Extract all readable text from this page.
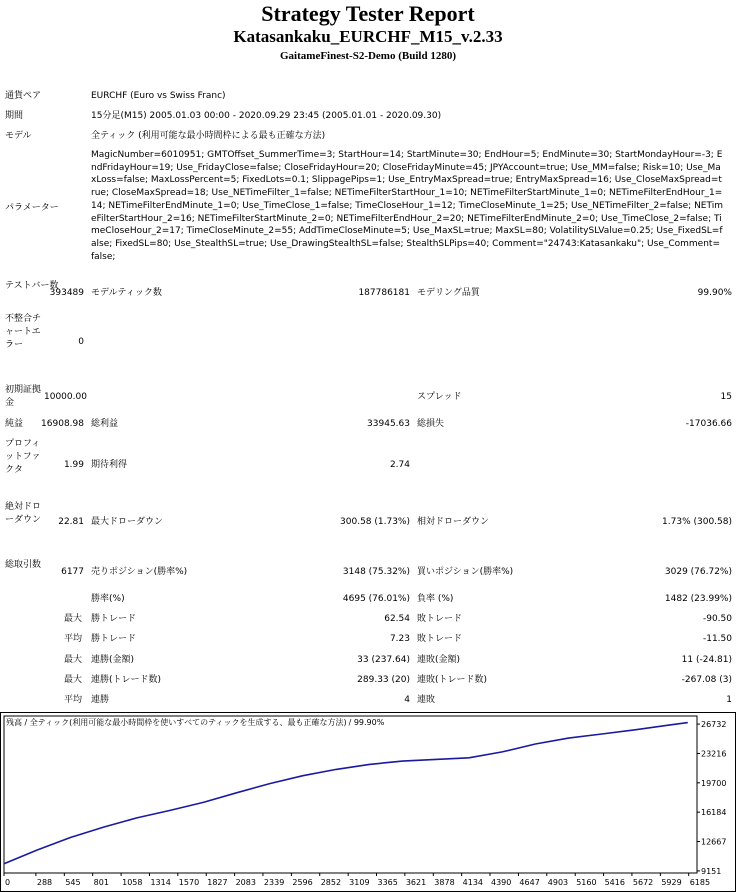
Strategy Tester Report
Katasankaku_EURCHF_M15_v.2.33
GaitameFinest-S2-Demo (Build 1280)
通貨ペア	EURCHF (Euro vs Swiss Franc)
期間	15分足(M15) 2005.01.03 00:00 - 2020.09.29 23:45 (2005.01.01 - 2020.09.30)
モデル	全ティック (利用可能な最小時間枠による最も正確な方法)
パラメーター
MagicNumber=6010951; GMTOffset_SummerTime=3; StartHour=14; StartMinute=30; EndHour=5; EndMinute=30; StartMondayHour=-3; EndFridayHour=19; Use_FridayClose=false; CloseFridayHour=20; CloseFridayMinute=45; JPYAccount=true; Use_MM=false; Risk=10; Use_MaxLoss=false; MaxLossPercent=5; FixedLots=0.1; SlippagePips=1; Use_EntryMaxSpread=true; EntryMaxSpread=16; Use_CloseMaxSpread=true; CloseMaxSpread=18; Use_NETimeFilter_1=false; NETimeFilterStartHour_1=10; NETimeFilterStartMinute_1=0; NETimeFilterEndHour_1=14; NETimeFilterEndMinute_1=0; Use_TimeClose_1=false; TimeCloseHour_1=12; TimeCloseMinute_1=25; Use_NETimeFilter_2=false; NETimeFilterStartHour_2=16; NETimeFilterStartMinute_2=0; NETimeFilterEndHour_2=20; NETimeFilterEndMinute_2=0; Use_TimeClose_2=false; TimeCloseHour_2=17; TimeCloseMinute_2=55; AddTimeCloseMinute=5; Use_MaxSL=true; MaxSL=80; VolatilitySLValue=0.25; Use_FixedSL=false; FixedSL=80; Use_StealthSL=true; Use_DrawingStealthSL=false; StealthSLPips=40; Comment="24743:Katasankaku"; Use_Comment=false;
テストバー数
393489 モデルティック数	187786181 モデリング品質	99.90%
不整合チャートエラー	0
初期証拠金
10000.00	スプレッド	15
純益	16908.98 総利益	33945.63 総損失	-17036.66
プロフィットファクタ	1.99 期待利得	2.74
絶対ドローダウン	22.81 最大ドローダウン	300.58 (1.73%) 相対ドローダウン	1.73% (300.58)
総取引数
6177 売りポジション(勝率%)	3148 (75.32%) 買いポジション(勝率%)	3029 (76.72%)
勝率(%)	4695 (76.01%) 負率 (%)	1482 (23.99%)
最大 勝トレード	62.54 敗トレード	-90.50
平均 勝トレード	7.23 敗トレード	-11.50
最大 連勝(金額)	33 (237.64) 連敗(金額)	11 (-24.81)
最大 連勝(トレード数)	289.33 (20) 連敗(トレード数)	-267.08 (3)
平均 連勝	4 連敗	1
残高 / 全ティック(利用可能な最小時間枠を使いすべてのティックを生成する、最も正確な方法) / 99.90%
9151
12667
16184
19700
23216
26732
0	288 545 801 1058 1314 1570 1827 2083 2339 2596 2852 3109 3365 3621 3878 4134 4390 4647 4903 5160 5416 5672 5929 6185
